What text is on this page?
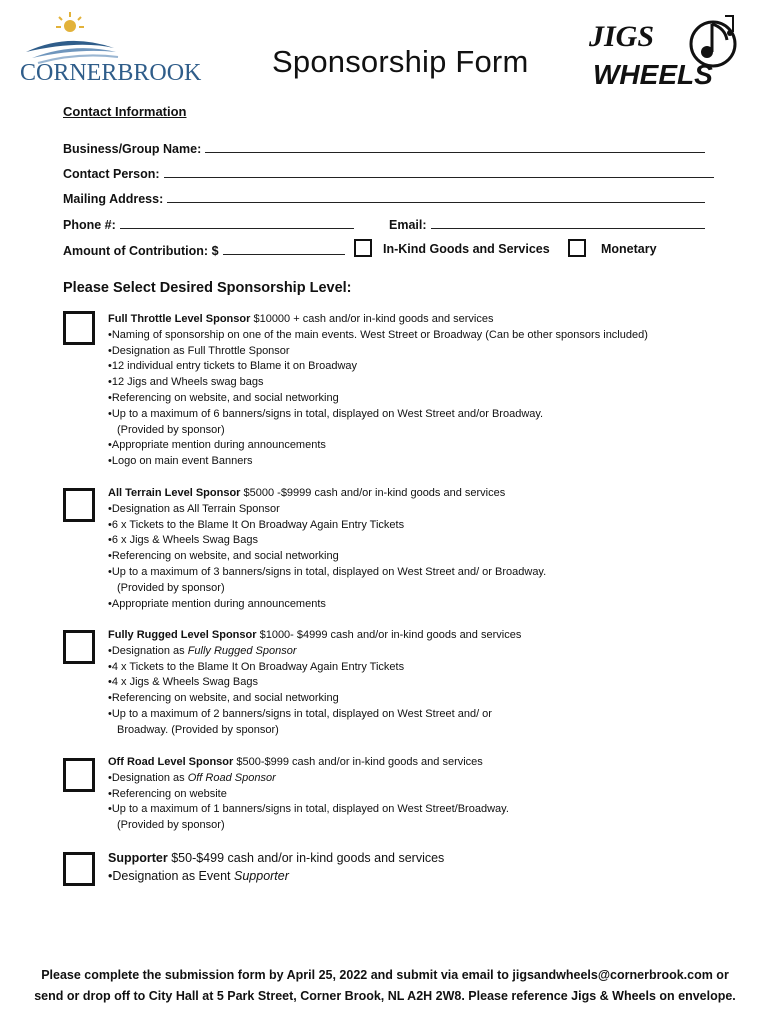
CORNERBROOK Sponsorship Form
JIGS
WHEELS
Contact Information
Business/Group Name:
Contact Person:
Mailing Address:
Phone #:	Email:
Amount of Contribution: $	In-Kind Goods and Services	Monetary
Please Select Desired Sponsorship Level:
Full Throttle Level Sponsor $10000 + cash and/or in-kind goods and services
• Naming of sponsorship on one of the main events. West Street or Broadway (Can be other sponsors included)
• Designation as Full Throttle Sponsor
• 12 individual entry tickets to Blame it on Broadway
• 12 Jigs and Wheels swag bags
• Referencing on website, and social networking
• Up to a maximum of 6 banners/signs in total, displayed on West Street and/or Broadway.
(Provided by sponsor)
• Appropriate mention during announcements
• Logo on main event Banners
All Terrain Level Sponsor $5000 -$9999 cash and/or in-kind goods and services
• Designation as All Terrain Sponsor
• 6 x Tickets to the Blame It On Broadway Again Entry Tickets
• 6 x Jigs & Wheels Swag Bags
• Referencing on website, and social networking
• Up to a maximum of 3 banners/signs in total, displayed on West Street and/ or Broadway.
(Provided by sponsor)
• Appropriate mention during announcements
Fully Rugged Level Sponsor $1000- $4999 cash and/or in-kind goods and services
• Designation as Fully Rugged Sponsor
• 4 x Tickets to the Blame It On Broadway Again Entry Tickets
• 4 x Jigs & Wheels Swag Bags
• Referencing on website, and social networking
• Up to a maximum of 2 banners/signs in total, displayed on West Street and/ or
Broadway. (Provided by sponsor)
Off Road Level Sponsor $500-$999 cash and/or in-kind goods and services
• Designation as Off Road Sponsor
• Referencing on website
• Up to a maximum of 1 banners/signs in total, displayed on West Street/Broadway.
(Provided by sponsor)
Supporter $50-$499 cash and/or in-kind goods and services
• Designation as Event Supporter
Please complete the submission form by April 25, 2022 and submit via email to jigsandwheels@cornerbrook.com or
send or drop off to City Hall at 5 Park Street, Corner Brook, NL A2H 2W8. Please reference Jigs & Wheels on envelope.
